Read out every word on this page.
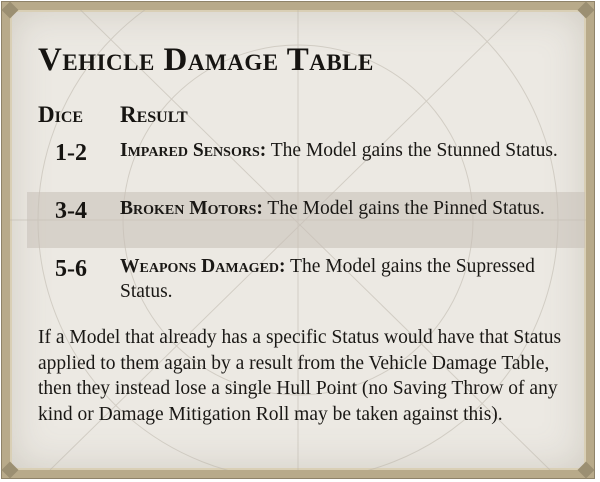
Vehicle Damage Table
Dice Result
1-2	Impared Sensors: The Model gains the Stunned Status.
3-4	Broken Motors: The Model gains the Pinned Status.
5-6	Weapons Damaged: The Model gains the Supressed Status.

If a Model that already has a specific Status would have that Status applied to them again by a result from the Vehicle Damage Table, then they instead lose a single Hull Point (no Saving Throw of any kind or Damage Mitigation Roll may be taken against this).
